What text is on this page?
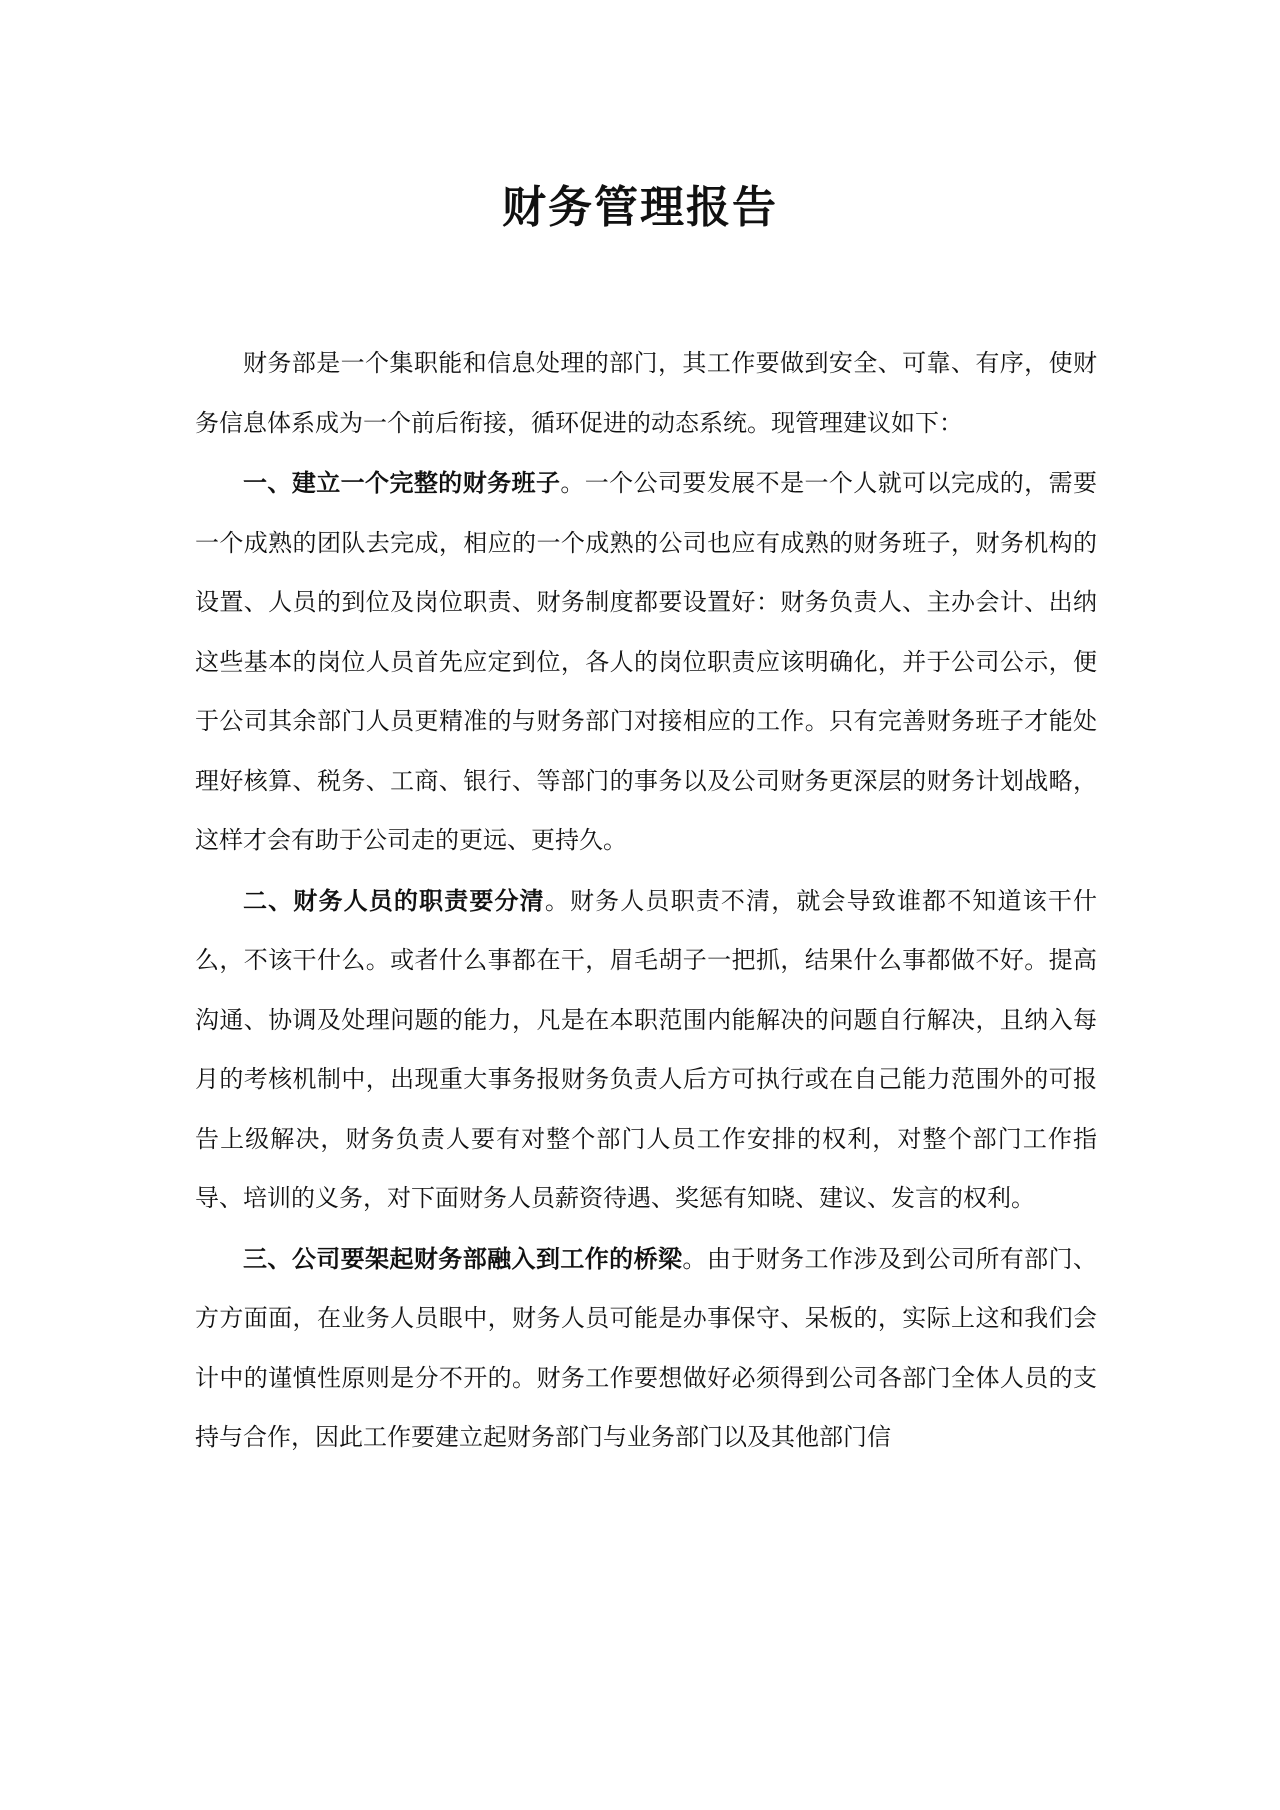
财务管理报告

财务部是一个集职能和信息处理的部门，其工作要做到安全、可靠、有序，使财务信息体系成为一个前后衔接，循环促进的动态系统。现管理建议如下：

一、建立一个完整的财务班子。一个公司要发展不是一个人就可以完成的，需要一个成熟的团队去完成，相应的一个成熟的公司也应有成熟的财务班子，财务机构的设置、人员的到位及岗位职责、财务制度都要设置好：财务负责人、主办会计、出纳这些基本的岗位人员首先应定到位，各人的岗位职责应该明确化，并于公司公示，便于公司其余部门人员更精准的与财务部门对接相应的工作。只有完善财务班子才能处理好核算、税务、工商、银行、等部门的事务以及公司财务更深层的财务计划战略，这样才会有助于公司走的更远、更持久。

二、财务人员的职责要分清。财务人员职责不清，就会导致谁都不知道该干什么，不该干什么。或者什么事都在干，眉毛胡子一把抓，结果什么事都做不好。提高沟通、协调及处理问题的能力，凡是在本职范围内能解决的问题自行解决，且纳入每月的考核机制中，出现重大事务报财务负责人后方可执行或在自己能力范围外的可报告上级解决，财务负责人要有对整个部门人员工作安排的权利，对整个部门工作指导、培训的义务，对下面财务人员薪资待遇、奖惩有知晓、建议、发言的权利。

三、公司要架起财务部融入到工作的桥梁。由于财务工作涉及到公司所有部门、方方面面，在业务人员眼中，财务人员可能是办事保守、呆板的，实际上这和我们会计中的谨慎性原则是分不开的。财务工作要想做好必须得到公司各部门全体人员的支持与合作，因此工作要建立起财务部门与业务部门以及其他部门信
